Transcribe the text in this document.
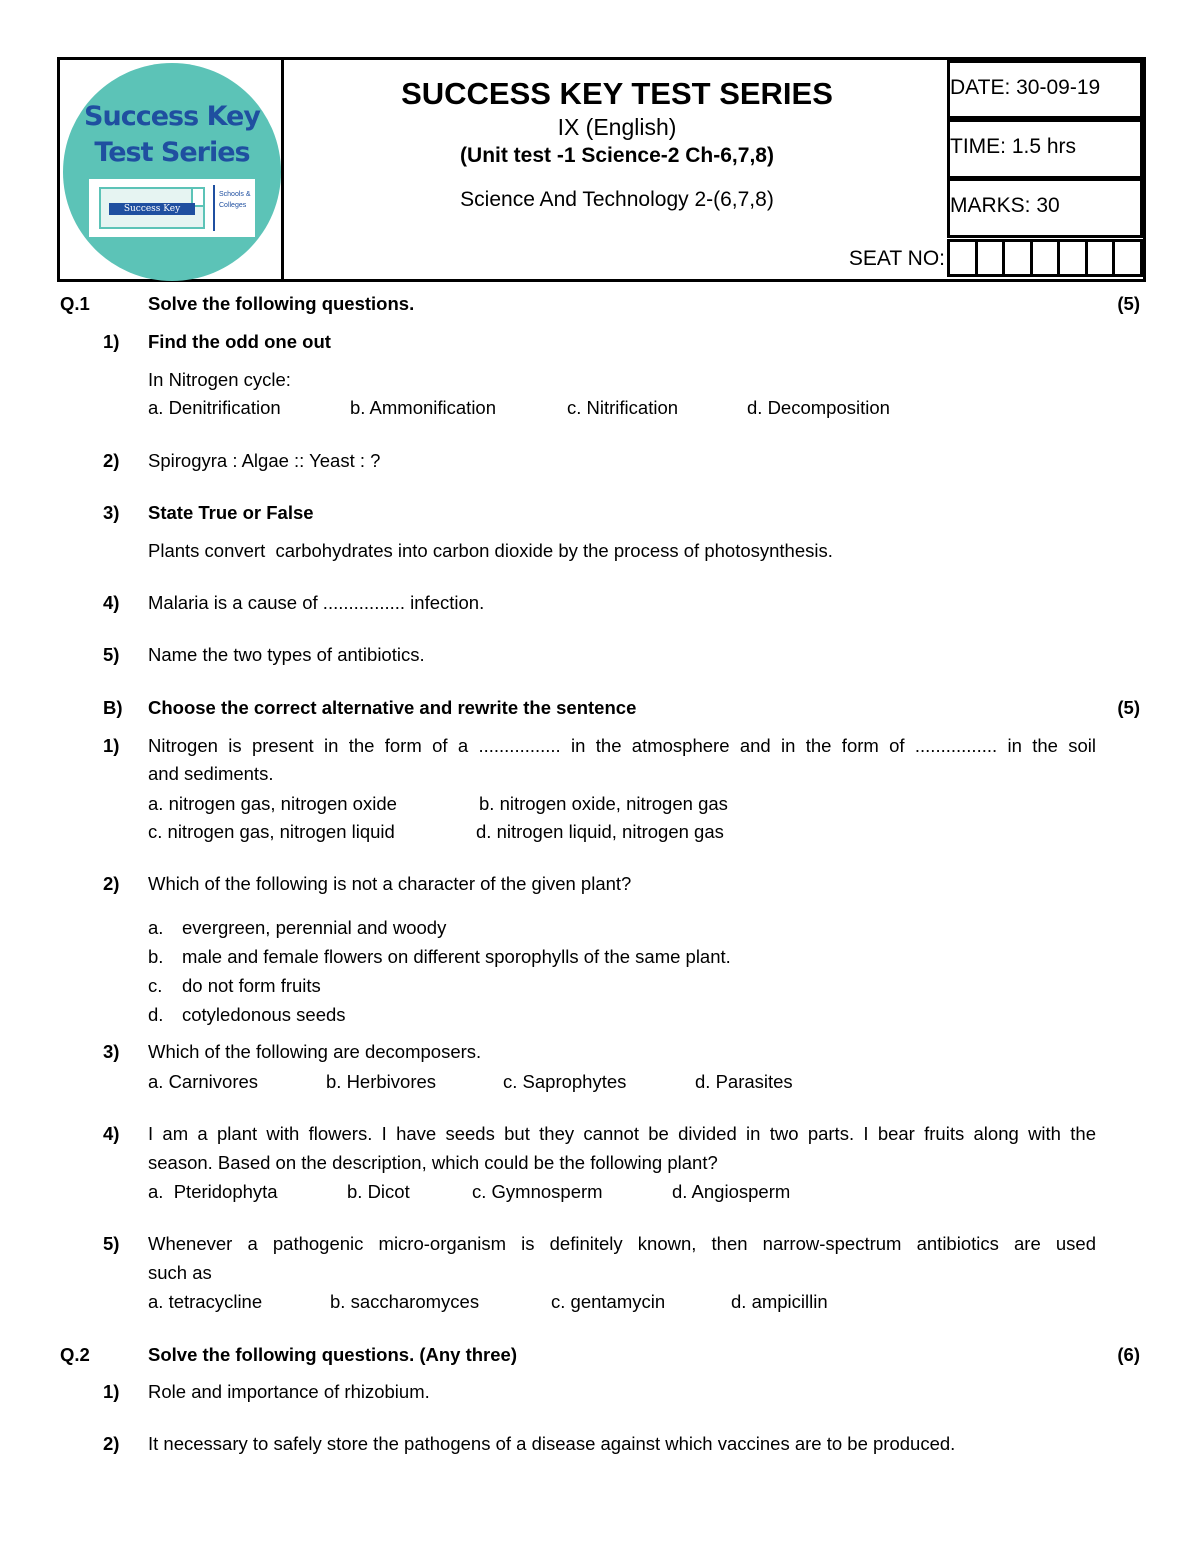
Success Key
Test Series
Success Key
Schools & Colleges
SUCCESS KEY TEST SERIES
IX (English)
(Unit test -1 Science-2 Ch-6,7,8)
Science And Technology 2-(6,7,8)
SEAT NO:
DATE: 30-09-19
TIME: 1.5 hrs
MARKS: 30
Q.1	Solve the following questions.	(5)
1) Find the odd one out
In Nitrogen cycle:
a. Denitrification	b. Ammonification	c. Nitrification	d. Decomposition
2) Spirogyra : Algae :: Yeast : ?
3) State True or False
Plants convert  carbohydrates into carbon dioxide by the process of photosynthesis.
4) Malaria is a cause of ................ infection.
5) Name the two types of antibiotics.
B) Choose the correct alternative and rewrite the sentence	(5)
1) Nitrogen is present in the form of a ................ in the atmosphere and in the form of ................ in the soil
and sediments.
a. nitrogen gas, nitrogen oxide	b. nitrogen oxide, nitrogen gas
c. nitrogen gas, nitrogen liquid	d. nitrogen liquid, nitrogen gas
2) Which of the following is not a character of the given plant?
a. evergreen, perennial and woody
b. male and female flowers on different sporophylls of the same plant.
c. do not form fruits
d. cotyledonous seeds
3) Which of the following are decomposers.
a. Carnivores	b. Herbivores	c. Saprophytes	d. Parasites
4) I am a plant with flowers. I have seeds but they cannot be divided in two parts. I bear fruits along with the
season. Based on the description, which could be the following plant?
a.  Pteridophyta	b. Dicot	c. Gymnosperm	d. Angiosperm
5) Whenever a pathogenic micro-organism is definitely known, then narrow-spectrum antibiotics are used
such as
a. tetracycline	b. saccharomyces	c. gentamycin	d. ampicillin
Q.2	Solve the following questions. (Any three)	(6)
1) Role and importance of rhizobium.
2) It necessary to safely store the pathogens of a disease against which vaccines are to be produced.
